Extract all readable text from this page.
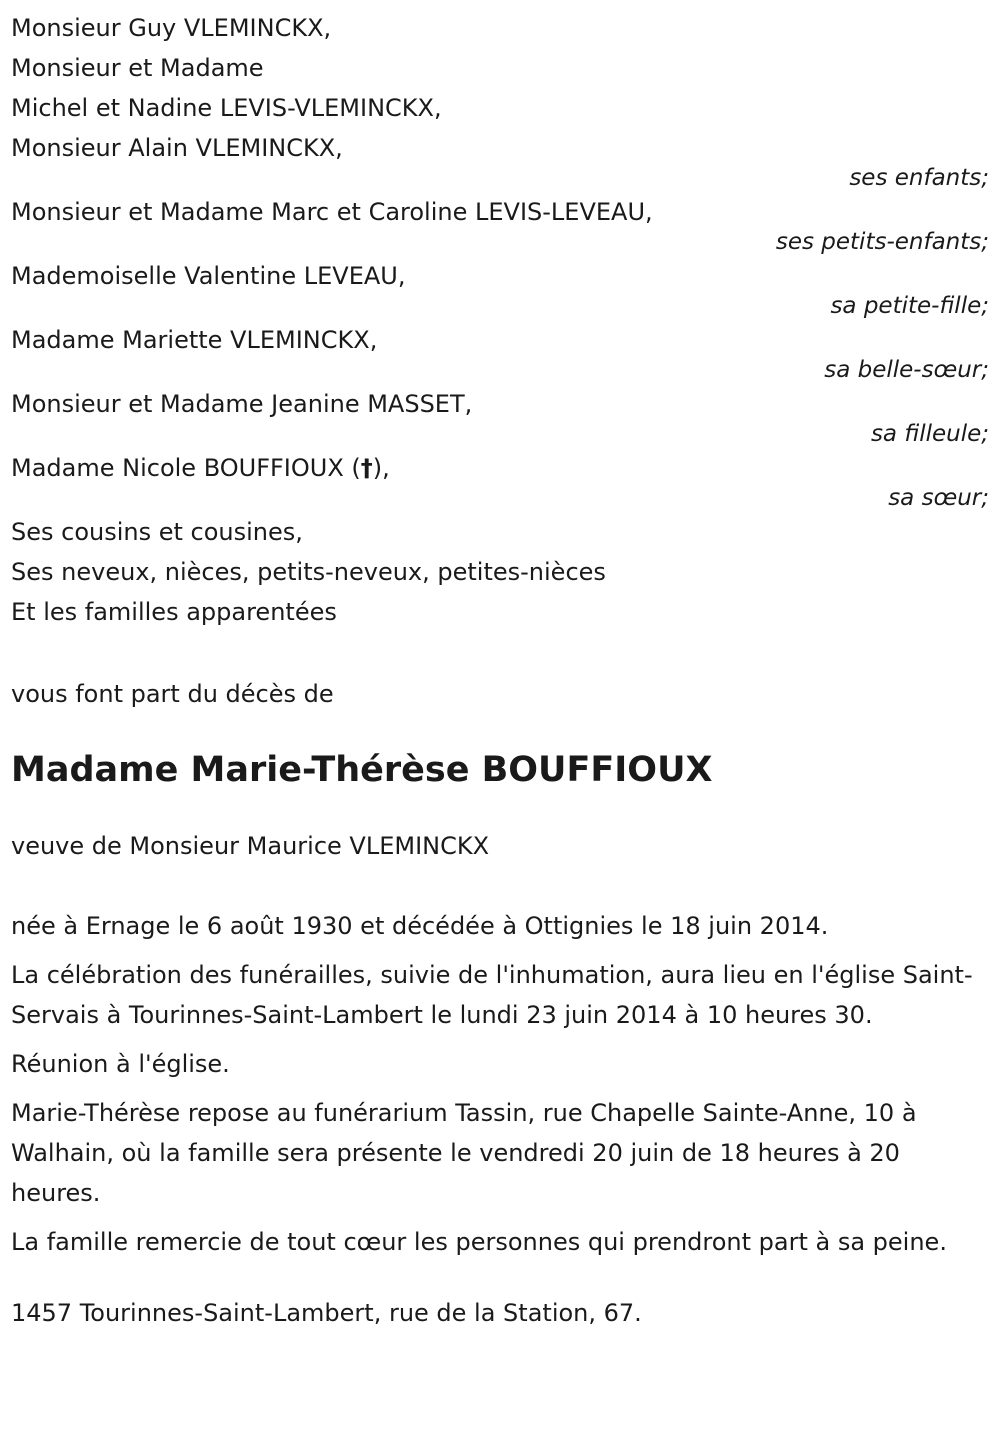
Monsieur Guy VLEMINCKX,
Monsieur et Madame
Michel et Nadine LEVIS-VLEMINCKX,
Monsieur Alain VLEMINCKX,
ses enfants;
Monsieur et Madame Marc et Caroline LEVIS-LEVEAU,
ses petits-enfants;
Mademoiselle Valentine LEVEAU,
sa petite-fille;
Madame Mariette VLEMINCKX,
sa belle-sœur;
Monsieur et Madame Jeanine MASSET,
sa filleule;
Madame Nicole BOUFFIOUX (†),
sa sœur;
Ses cousins et cousines,
Ses neveux, nièces, petits-neveux, petites-nièces
Et les familles apparentées
vous font part du décès de
Madame Marie-Thérèse BOUFFIOUX
veuve de Monsieur Maurice VLEMINCKX
née à Ernage le 6 août 1930 et décédée à Ottignies le 18 juin 2014.
La célébration des funérailles, suivie de l'inhumation, aura lieu en l'église Saint-Servais à Tourinnes-Saint-Lambert le lundi 23 juin 2014 à 10 heures 30.
Réunion à l'église.
Marie-Thérèse repose au funérarium Tassin, rue Chapelle Sainte-Anne, 10 à Walhain, où la famille sera présente le vendredi 20 juin de 18 heures à 20 heures.
La famille remercie de tout cœur les personnes qui prendront part à sa peine.
1457 Tourinnes-Saint-Lambert, rue de la Station, 67.
